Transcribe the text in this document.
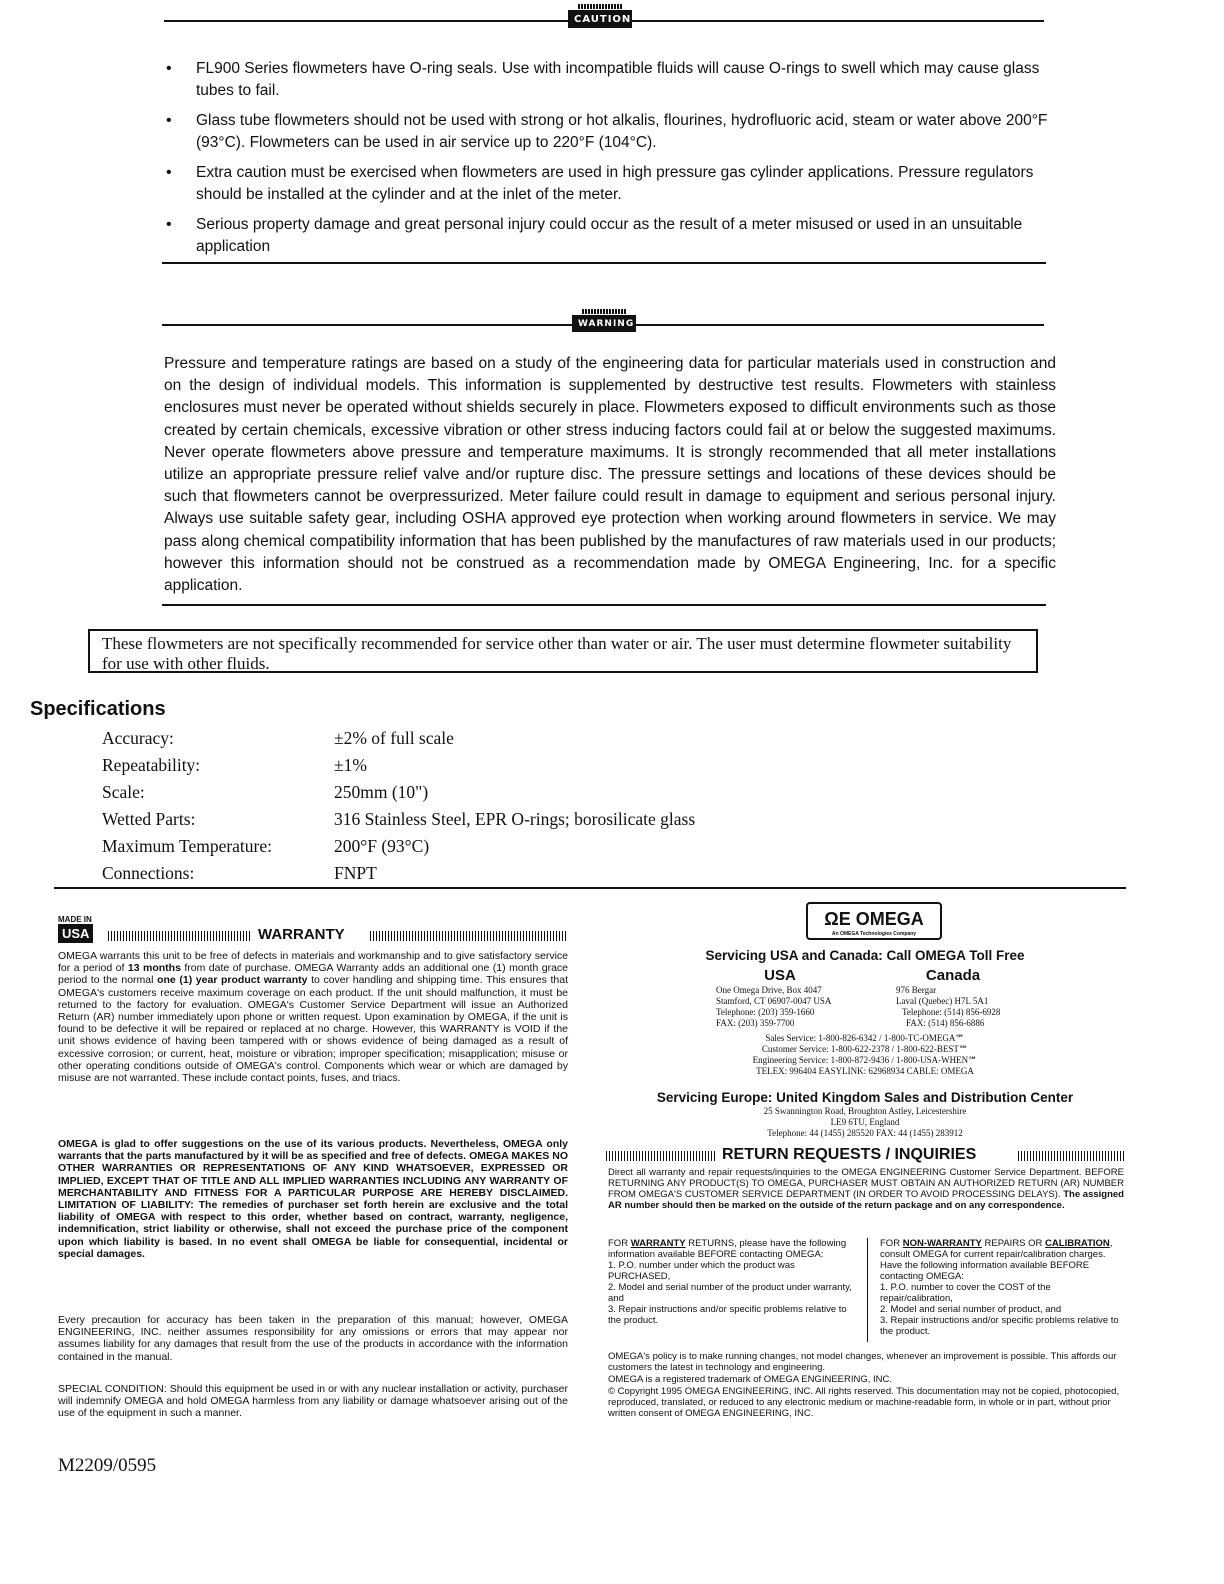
CAUTION
• FL900 Series flowmeters have O-ring seals. Use with incompatible fluids will cause O-rings to swell which may cause glass tubes to fail.
• Glass tube flowmeters should not be used with strong or hot alkalis, flourines, hydrofluoric acid, steam or water above 200°F (93°C). Flowmeters can be used in air service up to 220°F (104°C).
• Extra caution must be exercised when flowmeters are used in high pressure gas cylinder applications. Pressure regulators should be installed at the cylinder and at the inlet of the meter.
• Serious property damage and great personal injury could occur as the result of a meter misused or used in an unsuitable application
WARNING
Pressure and temperature ratings are based on a study of the engineering data for particular materials used in construction and on the design of individual models. This information is supplemented by destructive test results. Flowmeters with stainless enclosures must never be operated without shields securely in place. Flowmeters exposed to difficult environments such as those created by certain chemicals, excessive vibration or other stress inducing factors could fail at or below the suggested maximums. Never operate flowmeters above pressure and temperature maximums. It is strongly recommended that all meter installations utilize an appropriate pressure relief valve and/or rupture disc. The pressure settings and locations of these devices should be such that flowmeters cannot be overpressurized. Meter failure could result in damage to equipment and serious personal injury. Always use suitable safety gear, including OSHA approved eye protection when working around flowmeters in service. We may pass along chemical compatibility information that has been published by the manufactures of raw materials used in our products; however this information should not be construed as a recommendation made by OMEGA Engineering, Inc. for a specific application.
These flowmeters are not specifically recommended for service other than water or air. The user must determine flowmeter suitability for use with other fluids.
Specifications
Accuracy:	±2% of full scale
Repeatability:	±1%
Scale:	250mm (10")
Wetted Parts:	316 Stainless Steel, EPR O-rings; borosilicate glass
Maximum Temperature:	200°F (93°C)
Connections:	FNPT
MADE IN
USA	WARRANTY
OMEGA warrants this unit to be free of defects in materials and workmanship and to give satisfactory service for a period of 13 months from date of purchase. OMEGA Warranty adds an additional one (1) month grace period to the normal one (1) year product warranty to cover handling and shipping time. This ensures that OMEGA's customers receive maximum coverage on each product. If the unit should malfunction, it must be returned to the factory for evaluation. OMEGA's Customer Service Department will issue an Authorized Return (AR) number immediately upon phone or written request. Upon examination by OMEGA, if the unit is found to be defective it will be repaired or replaced at no charge. However, this WARRANTY is VOID if the unit shows evidence of having been tampered with or shows evidence of being damaged as a result of excessive corrosion; or current, heat, moisture or vibration; improper specification; misapplication; misuse or other operating conditions outside of OMEGA's control. Components which wear or which are damaged by misuse are not warranted. These include contact points, fuses, and triacs.
OMEGA is glad to offer suggestions on the use of its various products. Nevertheless, OMEGA only warrants that the parts manufactured by it will be as specified and free of defects. OMEGA MAKES NO OTHER WARRANTIES OR REPRESENTATIONS OF ANY KIND WHATSOEVER, EXPRESSED OR IMPLIED, EXCEPT THAT OF TITLE AND ALL IMPLIED WARRANTIES INCLUDING ANY WARRANTY OF MERCHANTABILITY AND FITNESS FOR A PARTICULAR PURPOSE ARE HEREBY DISCLAIMED. LIMITATION OF LIABILITY: The remedies of purchaser set forth herein are exclusive and the total liability of OMEGA with respect to this order, whether based on contract, warranty, negligence, indemnification, strict liability or otherwise, shall not exceed the purchase price of the component upon which liability is based. In no event shall OMEGA be liable for consequential, incidental or special damages.
Every precaution for accuracy has been taken in the preparation of this manual; however, OMEGA ENGINEERING, INC. neither assumes responsibility for any omissions or errors that may appear nor assumes liability for any damages that result from the use of the products in accordance with the information contained in the manual.
SPECIAL CONDITION: Should this equipment be used in or with any nuclear installation or activity, purchaser will indemnify OMEGA and hold OMEGA harmless from any liability or damage whatsoever arising out of the use of the equipment in such a manner.
M2209/0595
ΩE OMEGA
An OMEGA Technologies Company
Servicing USA and Canada: Call OMEGA Toll Free
USA
One Omega Drive, Box 4047
Stamford, CT 06907-0047 USA
Telephone: (203) 359-1660
FAX: (203) 359-7700
Canada
976 Bergar
Laval (Quebec) H7L 5A1
Telephone: (514) 856-6928
FAX: (514) 856-6886
Sales Service: 1-800-826-6342 / 1-800-TC-OMEGA℠
Customer Service: 1-800-622-2378 / 1-800-622-BEST℠
Engineering Service: 1-800-872-9436 / 1-800-USA-WHEN℠
TELEX: 996404 EASYLINK: 62968934 CABLE: OMEGA
Servicing Europe: United Kingdom Sales and Distribution Center
25 Swannington Road, Broughton Astley, Leicestershire
LE9 6TU, England
Telephone: 44 (1455) 285520 FAX: 44 (1455) 283912
RETURN REQUESTS / INQUIRIES
Direct all warranty and repair requests/inquiries to the OMEGA ENGINEERING Customer Service Department. BEFORE RETURNING ANY PRODUCT(S) TO OMEGA, PURCHASER MUST OBTAIN AN AUTHORIZED RETURN (AR) NUMBER FROM OMEGA'S CUSTOMER SERVICE DEPARTMENT (IN ORDER TO AVOID PROCESSING DELAYS). The assigned AR number should then be marked on the outside of the return package and on any correspondence.
FOR WARRANTY RETURNS, please have the following information available BEFORE contacting OMEGA:
1. P.O. number under which the product was PURCHASED,
2. Model and serial number of the product under warranty, and
3. Repair instructions and/or specific problems relative to the product.
FOR NON-WARRANTY REPAIRS OR CALIBRATION, consult OMEGA for current repair/calibration charges. Have the following information available BEFORE contacting OMEGA:
1. P.O. number to cover the COST of the repair/calibration,
2. Model and serial number of product, and
3. Repair instructions and/or specific problems relative to the product.
OMEGA's policy is to make running changes, not model changes, whenever an improvement is possible. This affords our customers the latest in technology and engineering.
OMEGA is a registered trademark of OMEGA ENGINEERING, INC.
© Copyright 1995 OMEGA ENGINEERING, INC. All rights reserved. This documentation may not be copied, photocopied, reproduced, translated, or reduced to any electronic medium or machine-readable form, in whole or in part, without prior written consent of OMEGA ENGINEERING, INC.
